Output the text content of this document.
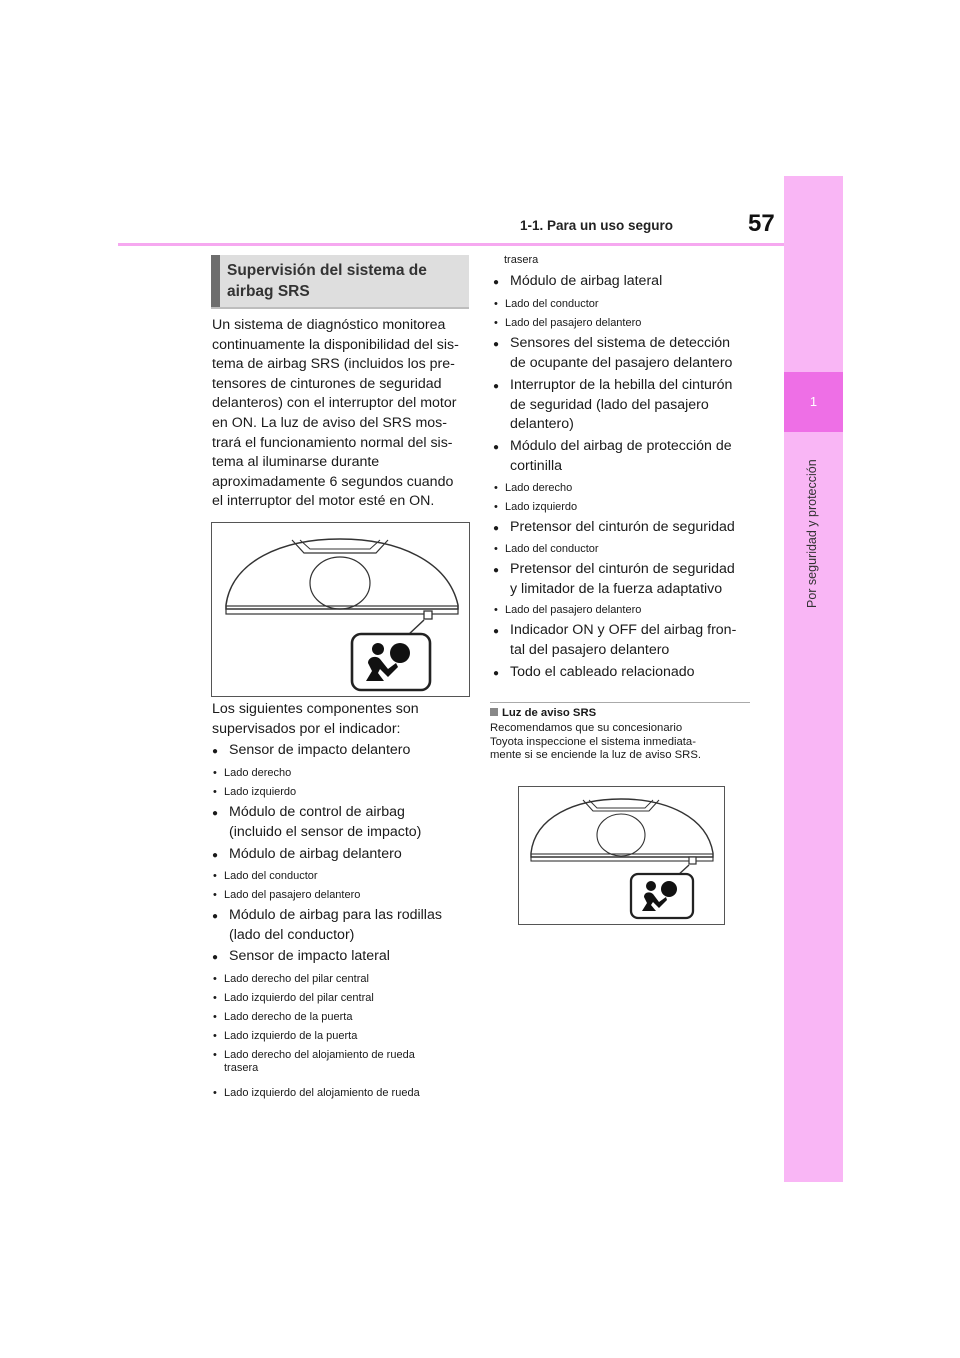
1-1. Para un uso seguro	57
1
Por seguridad y protección
Supervisión del sistema de
airbag SRS
Un sistema de diagnóstico monitorea
continuamente la disponibilidad del sis-
tema de airbag SRS (incluidos los pre-
tensores de cinturones de seguridad
delanteros) con el interruptor del motor
en ON. La luz de aviso del SRS mos-
trará el funcionamiento normal del sis-
tema al iluminarse durante
aproximadamente 6 segundos cuando
el interruptor del motor esté en ON.
Los siguientes componentes son
supervisados por el indicador:
● Sensor de impacto delantero
• Lado derecho
• Lado izquierdo
● Módulo de control de airbag
(incluido el sensor de impacto)
● Módulo de airbag delantero
• Lado del conductor
• Lado del pasajero delantero
● Módulo de airbag para las rodillas
(lado del conductor)
● Sensor de impacto lateral
• Lado derecho del pilar central
• Lado izquierdo del pilar central
• Lado derecho de la puerta
• Lado izquierdo de la puerta
• Lado derecho del alojamiento de rueda
trasera
• Lado izquierdo del alojamiento de rueda
trasera
● Módulo de airbag lateral
• Lado del conductor
• Lado del pasajero delantero
● Sensores del sistema de detección
de ocupante del pasajero delantero
● Interruptor de la hebilla del cinturón
de seguridad (lado del pasajero
delantero)
● Módulo del airbag de protección de
cortinilla
• Lado derecho
• Lado izquierdo
● Pretensor del cinturón de seguridad
• Lado del conductor
● Pretensor del cinturón de seguridad
y limitador de la fuerza adaptativo
• Lado del pasajero delantero
● Indicador ON y OFF del airbag fron-
tal del pasajero delantero
● Todo el cableado relacionado
Luz de aviso SRS
Recomendamos que su concesionario
Toyota inspeccione el sistema inmediata-
mente si se enciende la luz de aviso SRS.
